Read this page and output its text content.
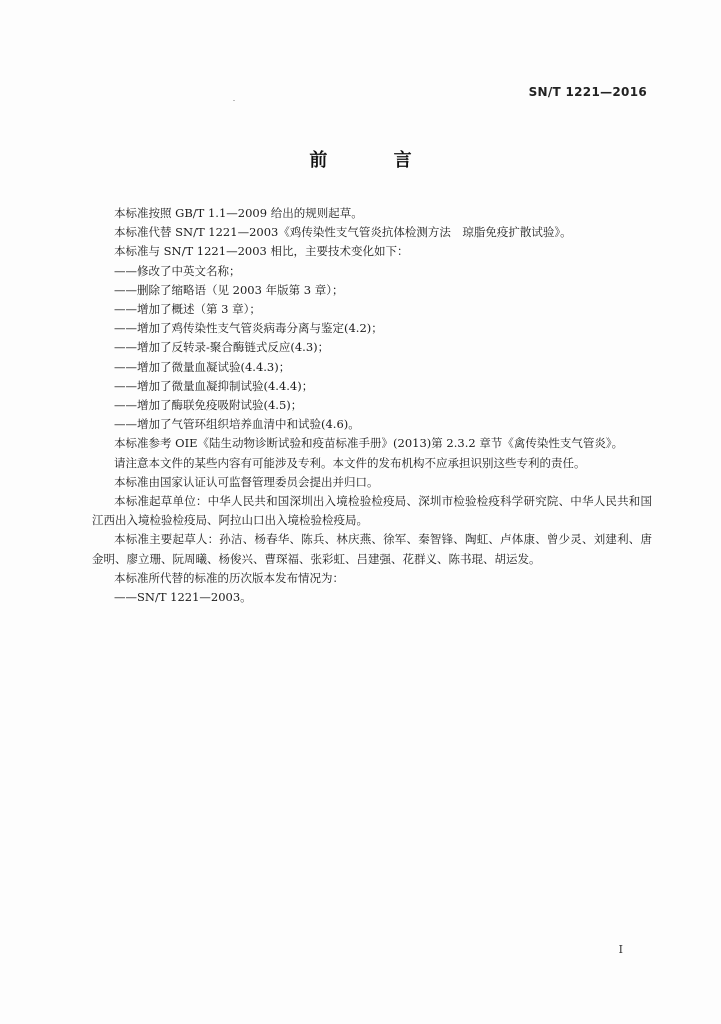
SN/T 1221—2016
前 言

本标准按照 GB/T 1.1—2009 给出的规则起草。

本标准代替 SN/T 1221—2003《鸡传染性支气管炎抗体检测方法　琼脂免疫扩散试验》。

本标准与 SN/T 1221—2003 相比，主要技术变化如下：

——修改了中英文名称；

——删除了缩略语（见 2003 年版第 3 章）；

——增加了概述（第 3 章）；

——增加了鸡传染性支气管炎病毒分离与鉴定(4.2)；

——增加了反转录-聚合酶链式反应(4.3)；

——增加了微量血凝试验(4.4.3)；

——增加了微量血凝抑制试验(4.4.4)；

——增加了酶联免疫吸附试验(4.5)；

——增加了气管环组织培养血清中和试验(4.6)。

本标准参考 OIE《陆生动物诊断试验和疫苗标准手册》(2013)第 2.3.2 章节《禽传染性支气管炎》。

请注意本文件的某些内容有可能涉及专利。本文件的发布机构不应承担识别这些专利的责任。

本标准由国家认证认可监督管理委员会提出并归口。

本标准起草单位：中华人民共和国深圳出入境检验检疫局、深圳市检验检疫科学研究院、中华人民共和国江西出入境检验检疫局、阿拉山口出入境检验检疫局。

本标准主要起草人：孙洁、杨春华、陈兵、林庆燕、徐军、秦智锋、陶虹、卢体康、曾少灵、刘建利、唐金明、廖立珊、阮周曦、杨俊兴、曹琛福、张彩虹、吕建强、花群义、陈书琨、胡运发。

本标准所代替的标准的历次版本发布情况为：

——SN/T 1221—2003。

I
